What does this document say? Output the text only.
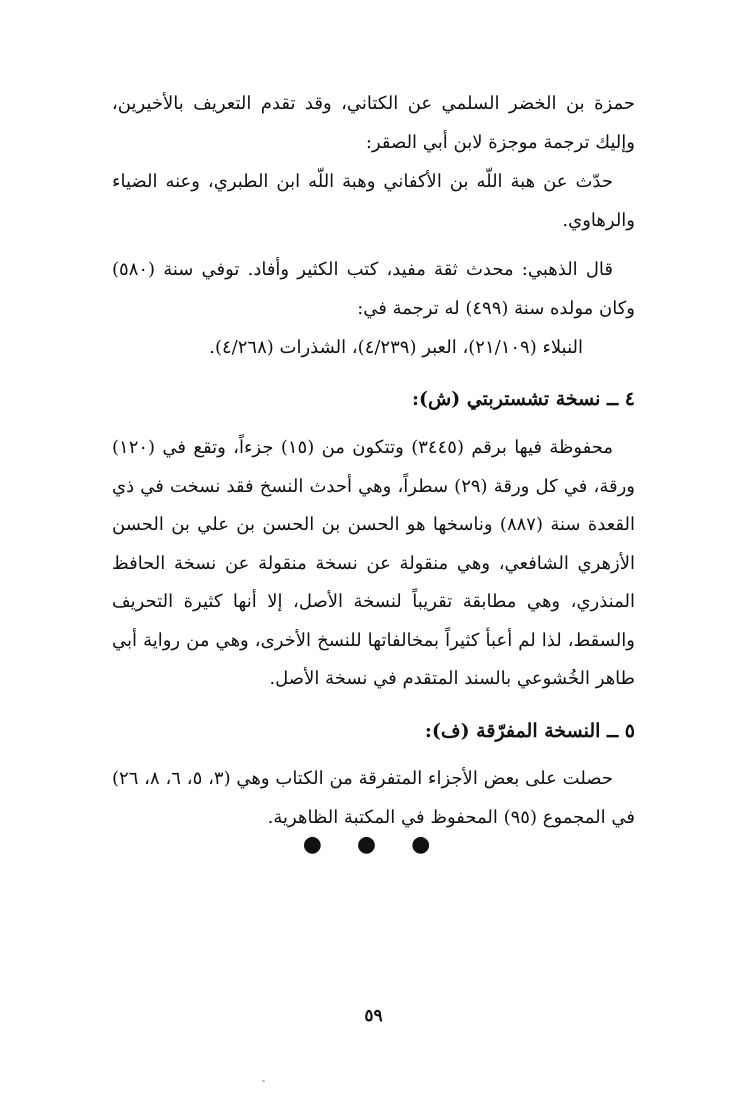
حمزة بن الخضر السلمي عن الكتاني، وقد تقدم التعريف بالأخيرين، وإليك ترجمة موجزة لابن أبي الصقر:

حدّث عن هبة اللّه بن الأكفاني وهبة اللّه ابن الطبري، وعنه الضياء والرهاوي.

قال الذهبي: محدث ثقة مفيد، كتب الكثير وأفاد. توفي سنة (٥٨٠) وكان مولده سنة (٤٩٩) له ترجمة في:

النبلاء (٢١/١٠٩)، العبر (٤/٢٣٩)، الشذرات (٤/٢٦٨).

٤ ــ نسخة تشستربتي (ش):

محفوظة فيها برقم (٣٤٤٥) وتتكون من (١٥) جزءاً، وتقع في (١٢٠) ورقة، في كل ورقة (٢٩) سطراً، وهي أحدث النسخ فقد نسخت في ذي القعدة سنة (٨٨٧) وناسخها هو الحسن بن الحسن بن علي بن الحسن الأزهري الشافعي، وهي منقولة عن نسخة منقولة عن نسخة الحافظ المنذري، وهي مطابقة تقريباً لنسخة الأصل، إلا أنها كثيرة التحريف والسقط، لذا لم أعبأ كثيراً بمخالفاتها للنسخ الأخرى، وهي من رواية أبي طاهر الخُشوعي بالسند المتقدم في نسخة الأصل.

٥ ــ النسخة المفرّقة (ف):

حصلت على بعض الأجزاء المتفرقة من الكتاب وهي (٣، ٥، ٦، ٨، ٢٦) في المجموع (٩٥) المحفوظ في المكتبة الظاهرية.

● ● ●
٥٩
